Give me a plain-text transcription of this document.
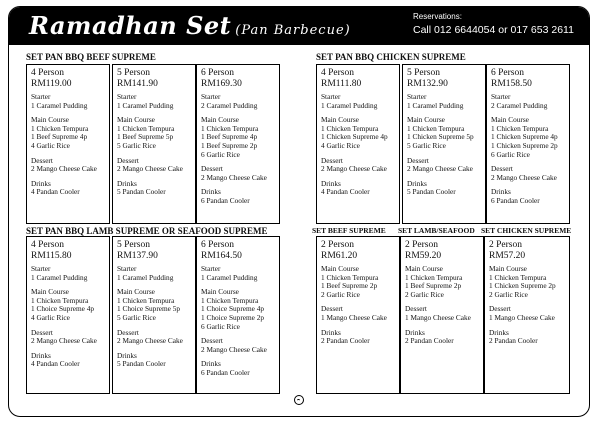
Ramadhan Set (Pan Barbecue)
Reservations:
Call 012 6644054 or 017 653 2611
SET PAN BBQ BEEF SUPREME
4 Person
RM119.00
Starter
1 Caramel Pudding
Main Course
1 Chicken Tempura
1 Beef Supreme 4p
4 Garlic Rice
Dessert
2 Mango Cheese Cake
Drinks
4 Pandan Cooler
5 Person
RM141.90
Starter
1 Caramel Pudding
Main Course
1 Chicken Tempura
1 Beef Supreme 5p
5 Garlic Rice
Dessert
2 Mango Cheese Cake
Drinks
5 Pandan Cooler
6 Person
RM169.30
Starter
2 Caramel Pudding
Main Course
1 Chicken Tempura
1 Beef Supreme 4p
1 Beef Supreme 2p
6 Garlic Rice
Dessert
2 Mango Cheese Cake
Drinks
6 Pandan Cooler
SET PAN BBQ CHICKEN SUPREME
4 Person
RM111.80
Starter
1 Caramel Pudding
Main Course
1 Chicken Tempura
1 Chicken Supreme 4p
4 Garlic Rice
Dessert
2 Mango Cheese Cake
Drinks
4 Pandan Cooler
5 Person
RM132.90
Starter
1 Caramel Pudding
Main Course
1 Chicken Tempura
1 Chicken Supreme 5p
5 Garlic Rice
Dessert
2 Mango Cheese Cake
Drinks
5 Pandan Cooler
6 Person
RM158.50
Starter
2 Caramel Pudding
Main Course
1 Chicken Tempura
1 Chicken Supreme 4p
1 Chicken Supreme 2p
6 Garlic Rice
Dessert
2 Mango Cheese Cake
Drinks
6 Pandan Cooler
SET PAN BBQ LAMB SUPREME OR SEAFOOD SUPREME
4 Person
RM115.80
Starter
1 Caramel Pudding
Main Course
1 Chicken Tempura
1 Choice Supreme 4p
4 Garlic Rice
Dessert
2 Mango Cheese Cake
Drinks
4 Pandan Cooler
5 Person
RM137.90
Starter
1 Caramel Pudding
Main Course
1 Chicken Tempura
1 Choice Supreme 5p
5 Garlic Rice
Dessert
2 Mango Cheese Cake
Drinks
5 Pandan Cooler
6 Person
RM164.50
Starter
1 Caramel Pudding
Main Course
1 Chicken Tempura
1 Choice Supreme 4p
1 Choice Supreme 2p
6 Garlic Rice
Dessert
2 Mango Cheese Cake
Drinks
6 Pandan Cooler
SET BEEF SUPREME
2 Person
RM61.20
Main Course
1 Chicken Tempura
1 Beef Supreme 2p
2 Garlic Rice
Dessert
1 Mango Cheese Cake
Drinks
2 Pandan Cooler
SET LAMB/SEAFOOD
2 Person
RM59.20
Main Course
1 Chicken Tempura
1 Beef Supreme 2p
2 Garlic Rice
Dessert
1 Mango Cheese Cake
Drinks
2 Pandan Cooler
SET CHICKEN SUPREME
2 Person
RM57.20
Main Course
1 Chicken Tempura
1 Chicken Supreme 2p
2 Garlic Rice
Dessert
1 Mango Cheese Cake
Drinks
2 Pandan Cooler
